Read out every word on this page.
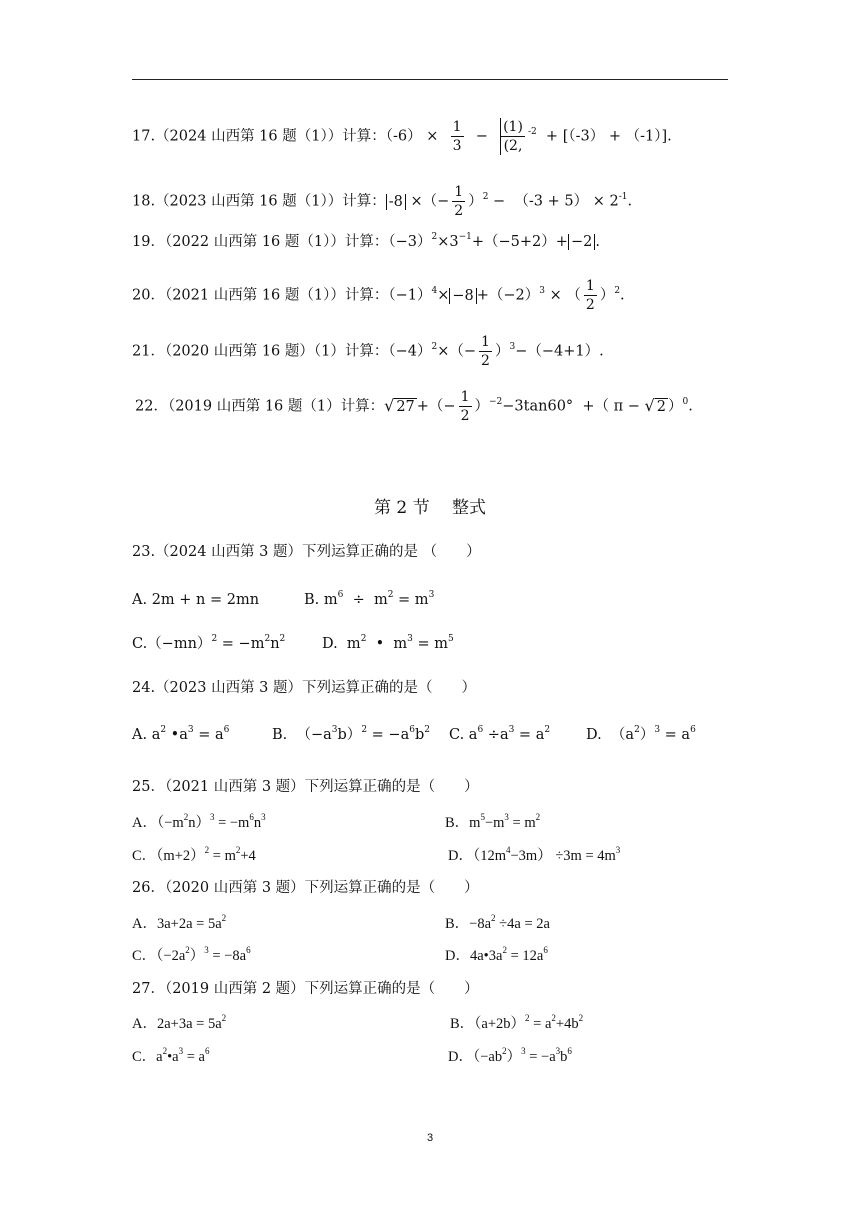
17.（2024 山西第 16 题（1））计算：$(-6) \times \frac{1}{3} - \frac{(1)}{(2,} ^{-2} + [(-3) + (-1)]$.
18.（2023 山西第 16 题（1））计算： -8 ×（− $\frac{1}{2} )^2 - (-3 + 5) \times 2^{-1}$.
19．（2022 山西第 16 题（1））计算：$(-3)^2\times 3^{-1}+(-5+2)+ -2$ .
20．（2021 山西第 16 题（1））计算：$(-1)^4\times -8 +(-2)^3$ × （ $\frac{1}{2} )^2$.
21．（2020 山西第 16 题）（1）计算：$(-4)^2\times(- \frac{1}{2} )^3-(-4+1)$.
22．（2019 山西第 16 题（1）计算：√ 27 +（− $\frac{1}{2} )^{-2}-3\tan 60^\circ$  +（ π − √ 2 ）$^0$.
第 2 节　 整式
23.（2024 山西第 3 题）下列运算正确的是 （　　）
A. 2m + n = 2mn	B. $m^6 \div m^2 = m^3$
$C.(-mn)^2 = -m^2n^2$	D.  $m^2$  •  $m^3 = m^5$
24.（2023 山西第 3 题）下列运算正确的是（　　）
A. $a^2$ $•a^3 = a^6$	B.  $(-a^3b)^2 = -a^6b^2$ C. $a^6 \div a^3 = a^2$ D.  $(a^2)^3 = a^6$
25．（2021 山西第 3 题）下列运算正确的是（　　）
A．$(-m^2n)^3 = -m^6n^3$	B．$m^5-m^3 = m^2$
C．$(m+2)^2 = m^2+4$	D．$(12m^4-3m) \div 3m = 4m^3$
26．（2020 山西第 3 题）下列运算正确的是（　　）
A．$3a+2a = 5a^2$	B．$-8a^2 \div 4a = 2a$
C．$(-2a^2)^3 = -8a^6$	D．$4a•3a^2 = 12a^6$
27．（2019 山西第 2 题）下列运算正确的是（　　）
A．$2a+3a = 5a^2$	B．$(a+2b)^2 = a^2+4b^2$
C．$a^2•a^3 = a^6$	D．$(-ab^2)^3 = -a^3b^6$
3
